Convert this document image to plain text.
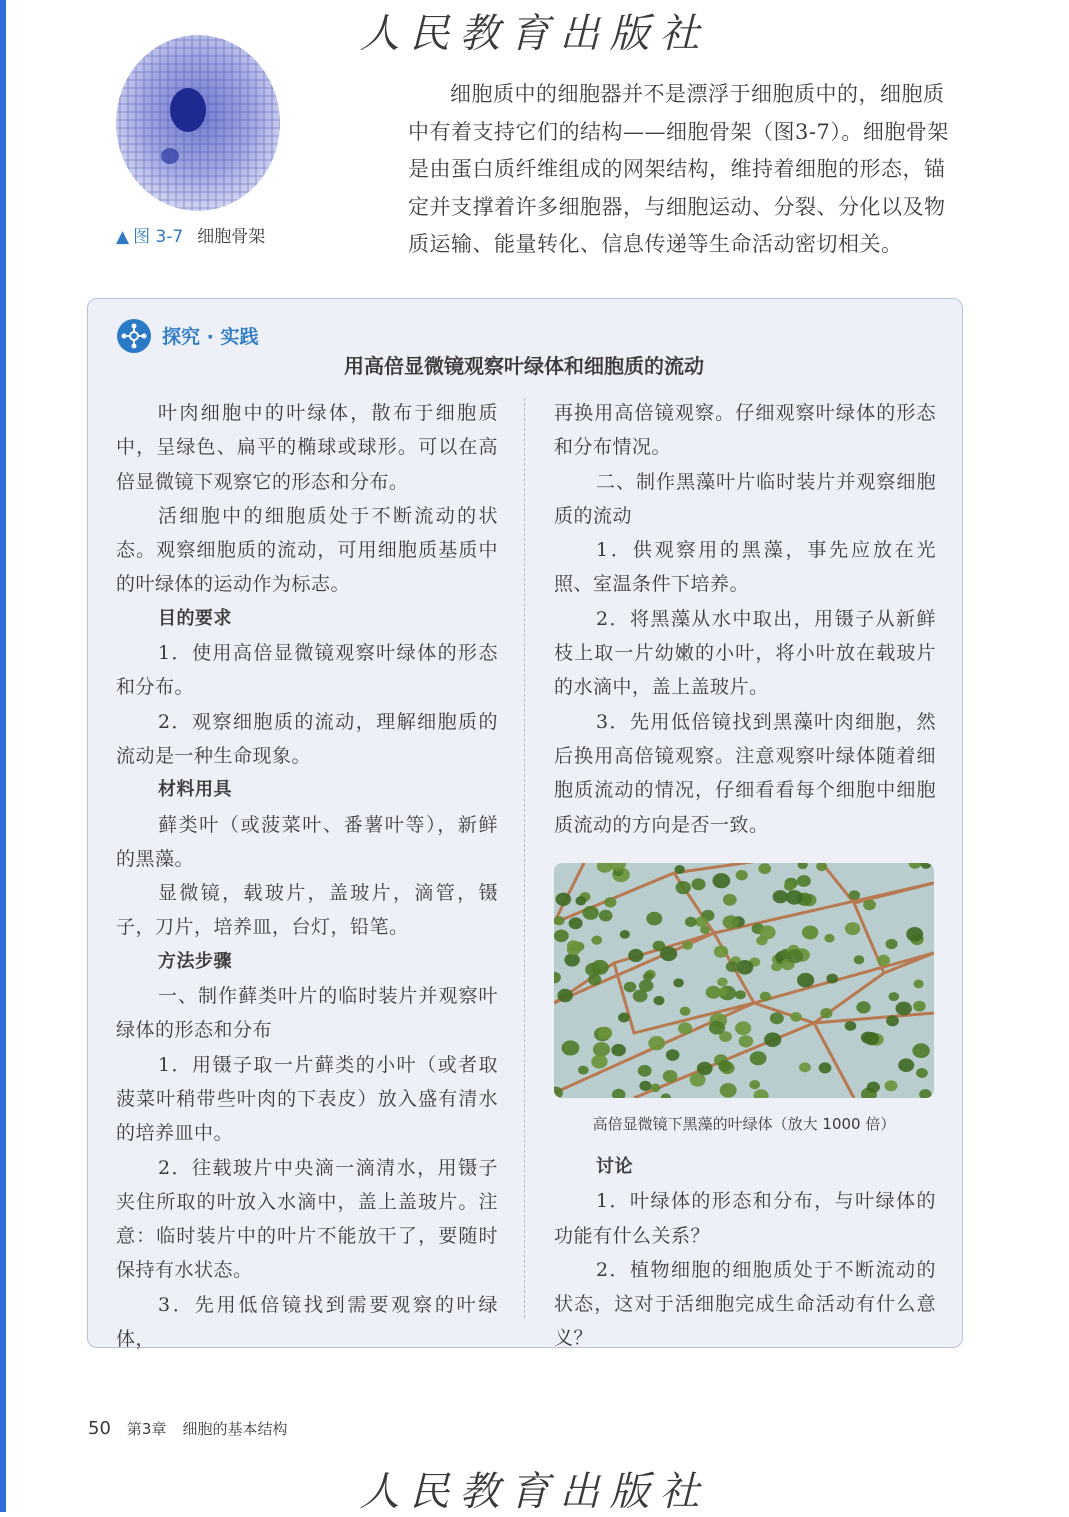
人民教育出版社
▲ 图 3-7 细胞骨架

细胞质中的细胞器并不是漂浮于细胞质中的，细胞质中有着支持它们的结构——细胞骨架（图3-7）。细胞骨架是由蛋白质纤维组成的网架结构，维持着细胞的形态，锚定并支撑着许多细胞器，与细胞运动、分裂、分化以及物质运输、能量转化、信息传递等生命活动密切相关。

探究 · 实践
用高倍显微镜观察叶绿体和细胞质的流动

叶肉细胞中的叶绿体，散布于细胞质中，呈绿色、扁平的椭球或球形。可以在高倍显微镜下观察它的形态和分布。

活细胞中的细胞质处于不断流动的状态。观察细胞质的流动，可用细胞质基质中的叶绿体的运动作为标志。

目的要求

1．使用高倍显微镜观察叶绿体的形态和分布。

2．观察细胞质的流动，理解细胞质的流动是一种生命现象。

材料用具

藓类叶（或菠菜叶、番薯叶等），新鲜的黑藻。

显微镜，载玻片，盖玻片，滴管，镊子，刀片，培养皿，台灯，铅笔。

方法步骤

一、制作藓类叶片的临时装片并观察叶绿体的形态和分布

1．用镊子取一片藓类的小叶（或者取菠菜叶稍带些叶肉的下表皮）放入盛有清水的培养皿中。

2．往载玻片中央滴一滴清水，用镊子夹住所取的叶放入水滴中，盖上盖玻片。注意：临时装片中的叶片不能放干了，要随时保持有水状态。

3．先用低倍镜找到需要观察的叶绿体，

再换用高倍镜观察。仔细观察叶绿体的形态和分布情况。

二、制作黑藻叶片临时装片并观察细胞质的流动

1．供观察用的黑藻，事先应放在光照、室温条件下培养。

2．将黑藻从水中取出，用镊子从新鲜枝上取一片幼嫩的小叶，将小叶放在载玻片的水滴中，盖上盖玻片。

3．先用低倍镜找到黑藻叶肉细胞，然后换用高倍镜观察。注意观察叶绿体随着细胞质流动的情况，仔细看看每个细胞中细胞质流动的方向是否一致。

高倍显微镜下黑藻的叶绿体（放大 1000 倍）

讨论

1．叶绿体的形态和分布，与叶绿体的功能有什么关系？

2．植物细胞的细胞质处于不断流动的状态，这对于活细胞完成生命活动有什么意义？

50 第3章 细胞的基本结构
人民教育出版社
